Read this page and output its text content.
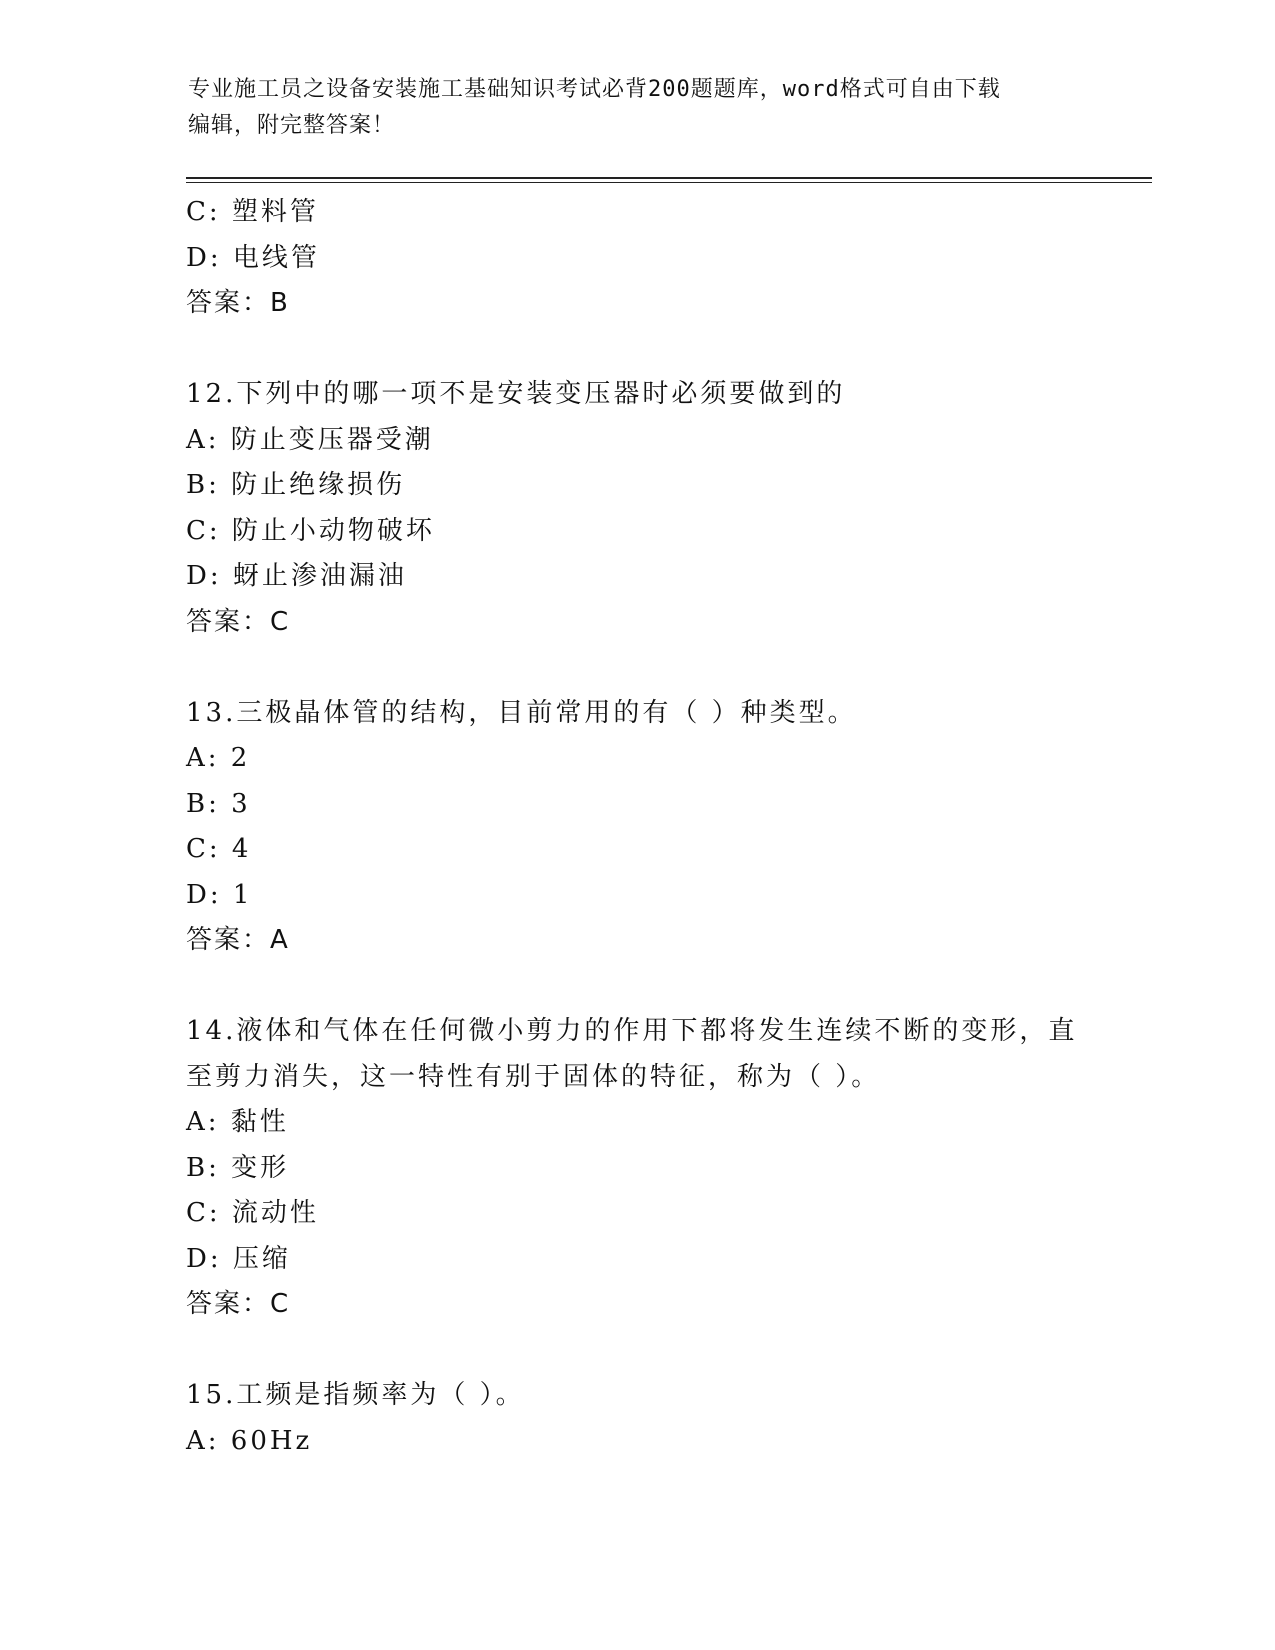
专业施工员之设备安装施工基础知识考试必背200题题库，word格式可自由下载
编辑，附完整答案！
C: 塑料管
D: 电线管
答案：B
12.下列中的哪一项不是安装变压器时必须要做到的
A: 防止变压器受潮
B: 防止绝缘损伤
C: 防止小动物破坏
D: 蚜止渗油漏油
答案：C
13.三极晶体管的结构，目前常用的有（ ）种类型。
A: 2
B: 3
C: 4
D: 1
答案：A
14.液体和气体在任何微小剪力的作用下都将发生连续不断的变形，直
至剪力消失，这一特性有别于固体的特征，称为（ ）。
A: 黏性
B: 变形
C: 流动性
D: 压缩
答案：C
15.工频是指频率为（ ）。
A: 60Hz
